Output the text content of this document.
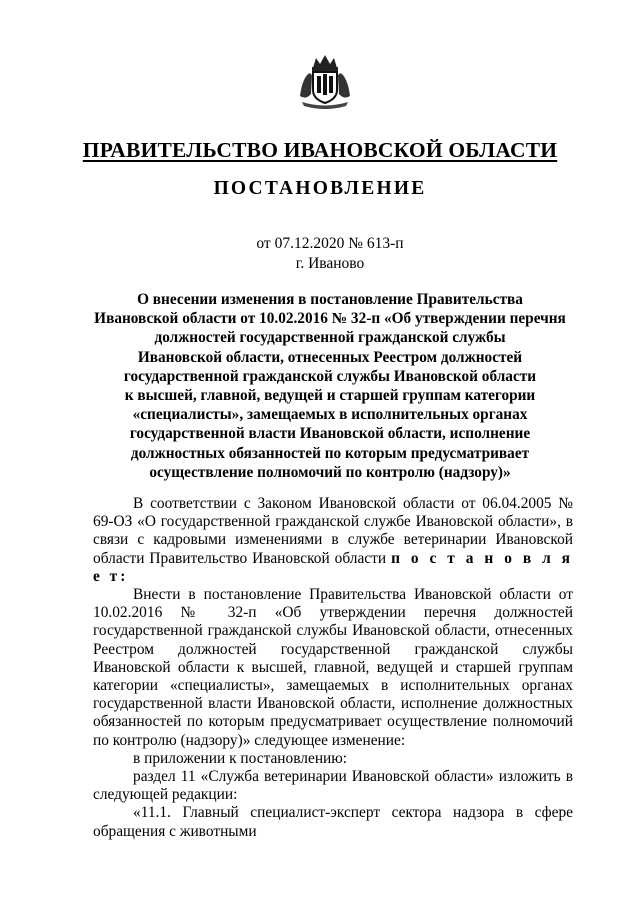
ПРАВИТЕЛЬСТВО ИВАНОВСКОЙ ОБЛАСТИ
ПОСТАНОВЛЕНИЕ
от 07.12.2020 № 613-п
г. Иваново
О внесении изменения в постановление Правительства
Ивановской области от 10.02.2016 № 32-п «Об утверждении перечня
должностей государственной гражданской службы
Ивановской области, отнесенных Реестром должностей
государственной гражданской службы Ивановской области
к высшей, главной, ведущей и старшей группам категории
«специалисты», замещаемых в исполнительных органах
государственной власти Ивановской области, исполнение
должностных обязанностей по которым предусматривает
осуществление полномочий по контролю (надзору)»

В соответствии с Законом Ивановской области от 06.04.2005 № 69-ОЗ «О государственной гражданской службе Ивановской области», в связи с кадровыми изменениями в службе ветеринарии Ивановской области Правительство Ивановской области п о с т а н о в л я е т:

Внести в постановление Правительства Ивановской области от 10.02.2016 № 32-п «Об утверждении перечня должностей государственной гражданской службы Ивановской области, отнесенных Реестром должностей государственной гражданской службы Ивановской области к высшей, главной, ведущей и старшей группам категории «специалисты», замещаемых в исполнительных органах государственной власти Ивановской области, исполнение должностных обязанностей по которым предусматривает осуществление полномочий по контролю (надзору)» следующее изменение:

в приложении к постановлению:

раздел 11 «Служба ветеринарии Ивановской области» изложить в следующей редакции:

«11.1. Главный специалист-эксперт сектора надзора в сфере обращения с животными
